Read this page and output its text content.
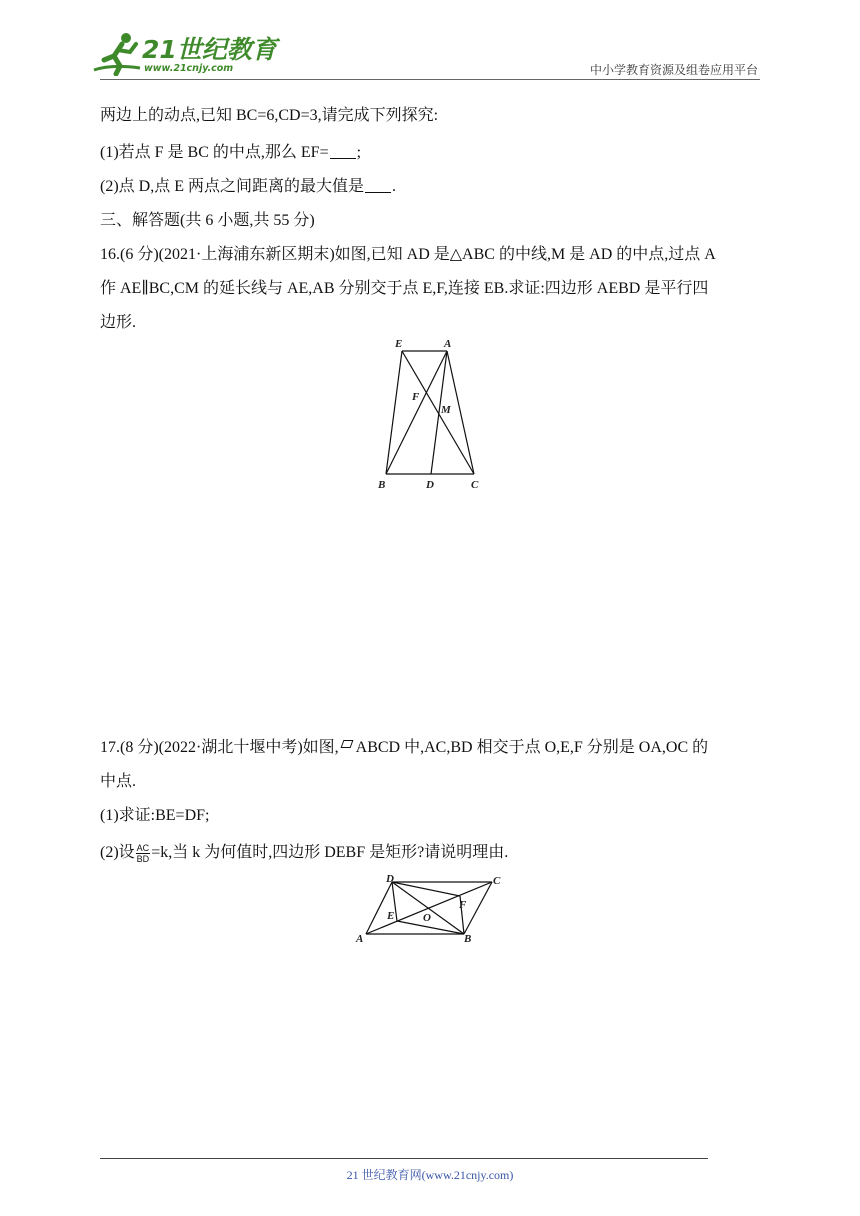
21世纪教育
www.21cnjy.com	中小学教育资源及组卷应用平台
两边上的动点,已知 BC=6,CD=3,请完成下列探究:
(1)若点 F 是 BC 的中点,那么 EF= ;
(2)点 D,点 E 两点之间距离的最大值是 .
三、解答题(共 6 小题,共 55 分)
16.(6 分)(2021·上海浦东新区期末)如图,已知 AD 是△ABC 的中线,M 是 AD 的中点,过点 A
作 AE∥BC,CM 的延长线与 AE,AB 分别交于点 E,F,连接 EB.求证:四边形 AEBD 是平行四
边形.
E	A
F
M
B	D	C
17.(8 分)(2022·湖北十堰中考)如图, ABCD 中,AC,BD 相交于点 O,E,F 分别是 OA,OC 的
中点.
(1)求证:BE=DF;
(2)设 $\frac{AC}{BD} =k$,当 k 为何值时,四边形 DEBF 是矩形?请说明理由.
D	C
E	O
F
A	B
21 世纪教育网(www.21cnjy.com)
